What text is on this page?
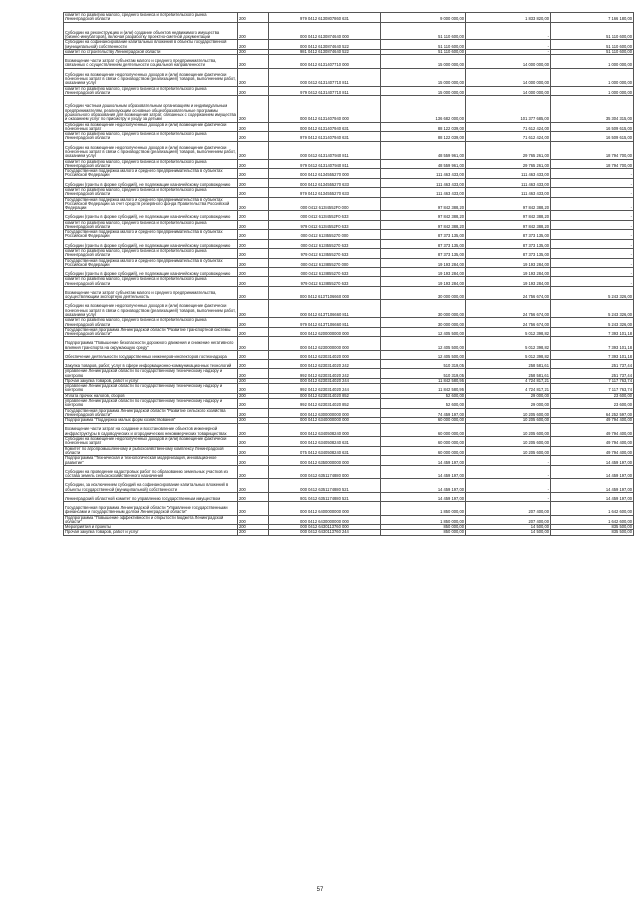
комитет по развитию малого, среднего бизнеса и потребительского рынка Ленинградской области	200	979 0412 6130807860 631	9 000 000,00	1 833 820,00	7 166 180,00
Субсидии на реконструкцию и (или) создание объектов недвижимого имущества (бизнес-инкубаторов), включая разработку проектно-сметной документации	200	000 0412 6130874640 000	51 110 600,00	-	51 110 600,00
Субсидии на софинансирование капитальных вложений в объекты государственной (муниципальной) собственности	200	000 0412 6130874640 522	51 110 600,00	-	51 110 600,00
комитет по строительству Ленинградской области	200	981 0412 6130874640 522	51 110 600,00	-	51 110 600,00
Возмещение части затрат субъектам малого и среднего предпринимательства, связанных с осуществлением деятельности социальной направленности	200	000 0412 6131407710 000	15 000 000,00	14 000 000,00	1 000 000,00
Субсидии на возмещение недополученных доходов и (или) возмещение фактически понесенных затрат в связи с производством (реализацией) товаров, выполнением работ, оказанием услуг	200	000 0412 6131407710 811	15 000 000,00	14 000 000,00	1 000 000,00
комитет по развитию малого, среднего бизнеса и потребительского рынка Ленинградской области	200	979 0412 6131407710 811	15 000 000,00	14 000 000,00	1 000 000,00
Субсидии частным дошкольным образовательным организациям и индивидуальным предпринимателям, реализующим основные общеобразовательные программы дошкольного образования для возмещения затрат, связанных с содержанием имущества и оказанием услуг по присмотру и уходу за детьми	200	000 0412 6131407940 000	136 682 000,00	101 377 685,00	35 304 315,00
Субсидии на возмещение недополученных доходов и (или) возмещение фактически понесенных затрат	200	000 0412 6131407940 631	88 122 039,00	71 612 424,00	16 509 615,00
комитет по развитию малого, среднего бизнеса и потребительского рынка Ленинградской области	200	979 0412 6131407940 631	88 122 039,00	71 612 424,00	16 509 615,00
Субсидии на возмещение недополученных доходов и (или) возмещение фактически понесенных затрат в связи с производством (реализацией) товаров, выполнением работ, оказанием услуг	200	000 0412 6131407940 811	48 559 961,00	29 765 261,00	18 794 700,00
комитет по развитию малого, среднего бизнеса и потребительского рынка Ленинградской области	200	979 0412 6131407940 811	48 559 961,00	29 765 261,00	18 794 700,00
Государственная поддержка малого и среднего предпринимательства в субъектах Российской Федерации	200	000 0412 6134555270 000	111 463 433,00	111 463 433,00	-
Субсидии (гранты в форме субсидий), не подлежащие казначейскому сопровождению	200	000 0412 6134555270 633	111 463 433,00	111 463 433,00	-
комитет по развитию малого, среднего бизнеса и потребительского рынка Ленинградской области	200	979 0412 6134555270 633	111 463 433,00	111 463 433,00	-
Государственная поддержка малого и среднего предпринимательства в субъектах Российской Федерации за счет средств резервного фонда Правительства Российской Федерации	200	000 0412 613I4552F0 000	97 842 388,20	97 842 388,20	-
Субсидии (гранты в форме субсидий), не подлежащие казначейскому сопровождению	200	000 0412 613I4552F0 633	97 842 388,20	97 842 388,20	-
комитет по развитию малого, среднего бизнеса и потребительского рынка Ленинградской области	200	979 0412 613I4552F0 633	97 842 388,20	97 842 388,20	-
Государственная поддержка малого и среднего предпринимательства в субъектах Российской Федерации	200	000 0412 613I555270 000	87 373 135,00	87 373 135,00	-
Субсидии (гранты в форме субсидий), не подлежащие казначейскому сопровождению	200	000 0412 613I555270 633	87 373 135,00	87 373 135,00	-
комитет по развитию малого, среднего бизнеса и потребительского рынка Ленинградской области	200	979 0412 613I555270 633	87 373 135,00	87 373 135,00	-
Государственная поддержка малого и среднего предпринимательства в субъектах Российской Федерации	200	000 0412 613I855270 000	19 193 284,00	19 193 284,00	-
Субсидии (гранты в форме субсидий), не подлежащие казначейскому сопровождению	200	000 0412 613I855270 633	19 193 284,00	19 193 284,00	-
комитет по развитию малого, среднего бизнеса и потребительского рынка Ленинградской области	200	979 0412 613I855270 633	19 193 284,00	19 193 284,00	-
Возмещение части затрат субъектам малого и среднего предпринимательства, осуществляющим экспортную деятельность	200	000 0412 613T106660 000	30 000 000,00	24 756 674,00	5 243 326,00
Субсидии на возмещение недополученных доходов и (или) возмещение фактически понесенных затрат в связи с производством (реализацией) товаров, выполнением работ, оказанием услуг	200	000 0412 613T106660 811	30 000 000,00	24 756 674,00	5 243 326,00
комитет по развитию малого, среднего бизнеса и потребительского рынка Ленинградской области	200	979 0412 613T106660 811	30 000 000,00	24 756 674,00	5 243 326,00
Государственная программа Ленинградской области "Развитие транспортной системы Ленинградской области"	200	000 0412 6200000000 000	12 405 500,00	5 012 398,82	7 393 101,18
Подпрограмма "Повышение безопасности дорожного движения и снижение негативного влияния транспорта на окружающую среду"	200	000 0412 6230000000 000	12 405 500,00	5 012 398,82	7 393 101,18
Обеспечение деятельности государственных инженеров-инспекторов гостехнадзора	200	000 0412 6230314020 000	12 405 500,00	5 012 398,82	7 393 101,18
Закупка товаров, работ, услуг в сфере информационно-коммуникационных технологий	200	000 0412 6230314020 242	510 319,05	258 581,61	251 737,44
управление Ленинградской области по государственному техническому надзору и контролю	200	992 0412 6230314020 242	510 319,05	258 581,61	251 737,44
Прочая закупка товаров, работ и услуг	200	000 0412 6230314020 244	11 842 580,95	4 724 817,21	7 117 763,74
управление Ленинградской области по государственному техническому надзору и контролю	200	992 0412 6230314020 244	11 842 580,95	4 724 817,21	7 117 763,74
Уплата прочих налогов, сборов	200	000 0412 6230314020 852	52 600,00	29 000,00	23 600,00
управление Ленинградской области по государственному техническому надзору и контролю	200	992 0412 6230314020 852	52 600,00	29 000,00	23 600,00
Государственная программа Ленинградской области "Развитие сельского хозяйства Ленинградской области"	200	000 0412 6300000000 000	74 459 197,00	10 205 600,00	64 252 597,00
Подпрограмма "Поддержка малых форм хозяйствования"	200	000 0412 6340000000 000	60 000 000,00	10 205 600,00	49 794 400,00
Возмещение части затрат на создание и восстановление объектов инженерной инфраструктуры в садоводческих и огороднических некоммерческих товариществах	200	000 0412 6340508240 000	60 000 000,00	10 205 600,00	49 794 400,00
Субсидии на возмещение недополученных доходов и (или) возмещение фактически понесенных затрат	200	000 0412 6340508240 631	60 000 000,00	10 205 600,00	49 794 400,00
Комитет по агропромышленному и рыбохозяйственному комплексу Ленинградской области	200	075 0412 6340508240 631	60 000 000,00	10 205 600,00	49 794 400,00
Подпрограмма "Техническая и технологическая модернизация, инновационное развитие"	200	000 0412 6350000000 000	14 459 197,00	-	14 459 197,00
Субсидии на проведение кадастровых работ по образованию земельных участков из состава земель сельскохозяйственного назначения	200	000 0412 6351174880 000	14 459 197,00	-	14 459 197,00
Субсидии, за исключением субсидий на софинансирование капитальных вложений в объекты государственной (муниципальной) собственности	200	000 0412 6351174880 521	14 459 197,00	-	14 459 197,00
Ленинградский областной комитет по управлению государственным имуществом	200	801 0412 6351174880 521	14 459 197,00	-	14 459 197,00
Государственная программа Ленинградской области "Управление государственными финансами и государственным долгом Ленинградской области"	200	000 0412 6400000000 000	1 850 000,00	207 400,00	1 642 600,00
Подпрограмма "Повышение эффективности и открытости бюджета Ленинградской области"	200	000 0412 6430000000 000	1 850 000,00	207 400,00	1 642 600,00
Мероприятия и проекты	200	000 0412 6430113760 000	850 000,00	14 500,00	835 500,00
Прочая закупка товаров, работ и услуг	200	000 0412 6430113760 244	850 000,00	14 500,00	835 500,00
57
